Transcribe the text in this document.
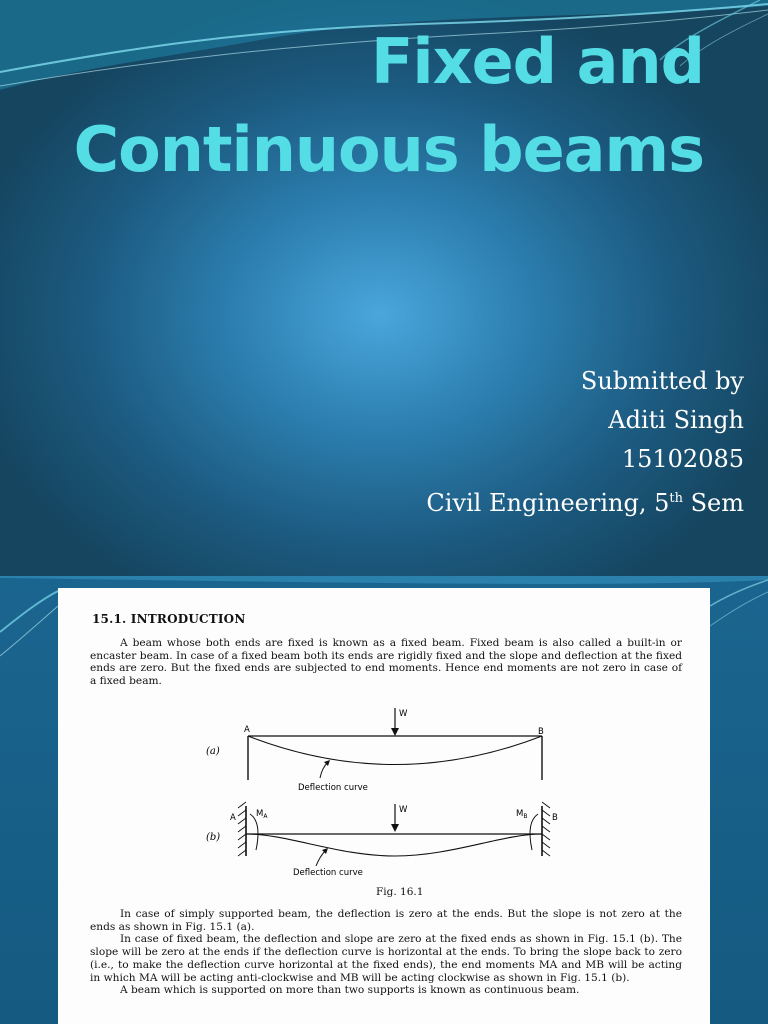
Fixed and
Continuous beams
Submitted by
Aditi Singh
15102085
Civil Engineering, 5th Sem
15.1. INTRODUCTION

A beam whose both ends are fixed is known as a fixed beam. Fixed beam is also called a built-in or encaster beam. In case of a fixed beam both its ends are rigidly fixed and the slope and deflection at the fixed ends are zero. But the fixed ends are subjected to end moments. Hence end moments are not zero in case of a fixed beam.

(a)
A	B
W
Deflection curve
(b)
A	B
$M_A$	$M_B$
W
Deflection curve
Fig. 16.1

In case of simply supported beam, the deflection is zero at the ends. But the slope is not zero at the ends as shown in Fig. 15.1 (a).

In case of fixed beam, the deflection and slope are zero at the fixed ends as shown in Fig. 15.1 (b). The slope will be zero at the ends if the deflection curve is horizontal at the ends. To bring the slope back to zero (i.e., to make the deflection curve horizontal at the fixed ends), the end moments MA and MB will be acting in which MA will be acting anti-clockwise and MB will be acting clockwise as shown in Fig. 15.1 (b).

A beam which is supported on more than two supports is known as continuous beam.
